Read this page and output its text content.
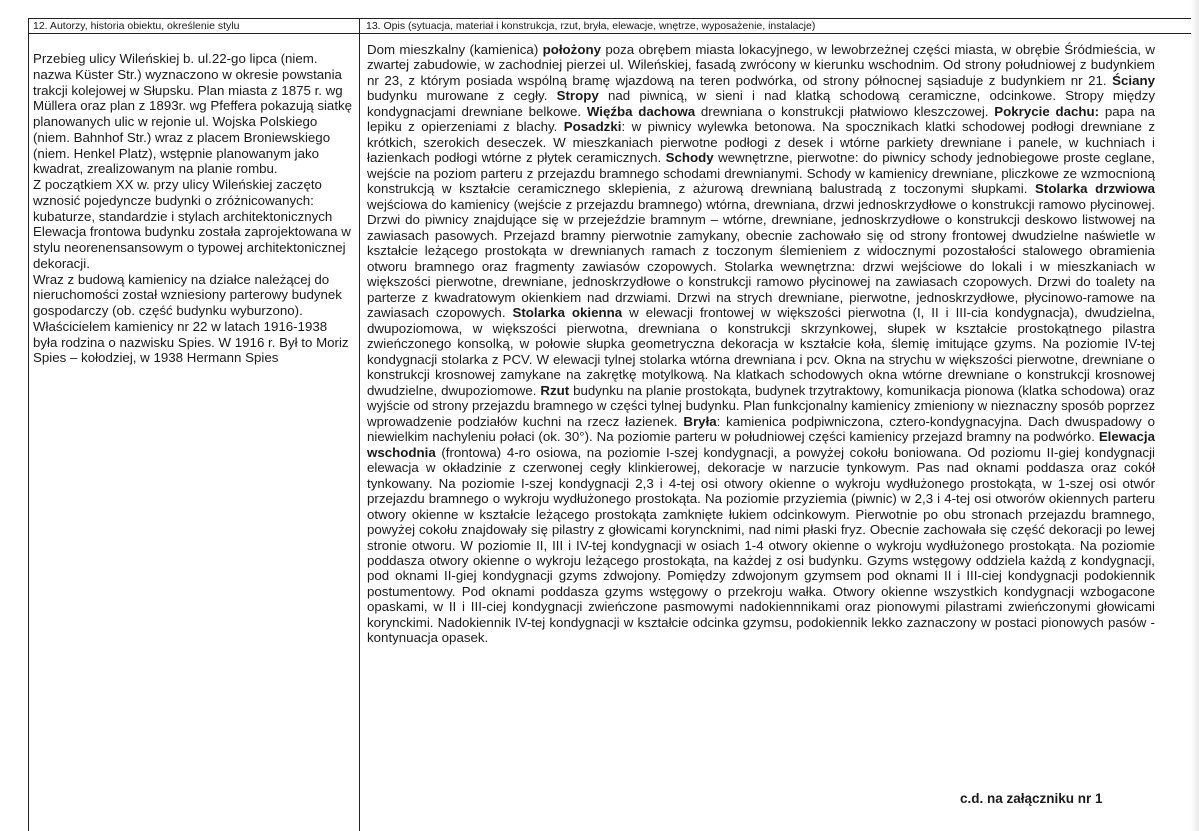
12. Autorzy, historia obiektu, określenie stylu	13. Opis (sytuacja, materiał i konstrukcja, rzut, bryła, elewacje, wnętrze, wyposażenie, instalacje)

Przebieg ulicy Wileńskiej b. ul.22-go lipca (niem. nazwa Küster Str.) wyznaczono w okresie powstania trakcji kolejowej w Słupsku. Plan miasta z 1875 r. wg Müllera oraz plan z 1893r. wg Pfeffera pokazują siatkę planowanych ulic w rejonie ul. Wojska Polskiego (niem. Bahnhof Str.) wraz z placem Broniewskiego (niem. Henkel Platz), wstępnie planowanym jako kwadrat, zrealizowanym na planie rombu.

Z początkiem XX w. przy ulicy Wileńskiej zaczęto wznosić pojedyncze budynki o zróżnicowanych: kubaturze, standardzie i stylach architektonicznych Elewacja frontowa budynku została zaprojektowana w stylu neorenensansowym o typowej architektonicznej dekoracji.

Wraz z budową kamienicy na działce należącej do nieruchomości został wzniesiony parterowy budynek gospodarczy (ob. część budynku wyburzono).

Właścicielem kamienicy nr 22 w latach 1916-1938 była rodzina o nazwisku Spies. W 1916 r. Był to Moriz Spies – kołodziej, w 1938 Hermann Spies

Dom mieszkalny (kamienica) położony poza obrębem miasta lokacyjnego, w lewobrzeżnej części miasta, w obrębie Śródmieścia, w zwartej zabudowie, w zachodniej pierzei ul. Wileńskiej, fasadą zwrócony w kierunku wschodnim. Od strony południowej z budynkiem nr 23, z którym posiada wspólną bramę wjazdową na teren podwórka, od strony północnej sąsiaduje z budynkiem nr 21. Ściany budynku murowane z cegły. Stropy nad piwnicą, w sieni i nad klatką schodową ceramiczne, odcinkowe. Stropy między kondygnacjami drewniane belkowe. Więźba dachowa drewniana o konstrukcji płatwiowo kleszczowej. Pokrycie dachu: papa na lepiku z opierzeniami z blachy. Posadzki: w piwnicy wylewka betonowa. Na spocznikach klatki schodowej podłogi drewniane z krótkich, szerokich deseczek. W mieszkaniach pierwotne podłogi z desek i wtórne parkiety drewniane i panele, w kuchniach i łazienkach podłogi wtórne z płytek ceramicznych. Schody wewnętrzne, pierwotne: do piwnicy schody jednobiegowe proste ceglane, wejście na poziom parteru z przejazdu bramnego schodami drewnianymi. Schody w kamienicy drewniane, pliczkowe ze wzmocnioną konstrukcją w kształcie ceramicznego sklepienia, z ażurową drewnianą balustradą z toczonymi słupkami. Stolarka drzwiowa wejściowa do kamienicy (wejście z przejazdu bramnego) wtórna, drewniana, drzwi jednoskrzydłowe o konstrukcji ramowo płycinowej. Drzwi do piwnicy znajdujące się w przejeździe bramnym – wtórne, drewniane, jednoskrzydłowe o konstrukcji deskowo listwowej na zawiasach pasowych. Przejazd bramny pierwotnie zamykany, obecnie zachowało się od strony frontowej dwudzielne naświetle w kształcie leżącego prostokąta w drewnianych ramach z toczonym ślemieniem z widocznymi pozostałości stalowego obramienia otworu bramnego oraz fragmenty zawiasów czopowych. Stolarka wewnętrzna: drzwi wejściowe do lokali i w mieszkaniach w większości pierwotne, drewniane, jednoskrzydłowe o konstrukcji ramowo płycinowej na zawiasach czopowych. Drzwi do toalety na parterze z kwadratowym okienkiem nad drzwiami. Drzwi na strych drewniane, pierwotne, jednoskrzydłowe, płycinowo-ramowe na zawiasach czopowych. Stolarka okienna w elewacji frontowej w większości pierwotna (I, II i III-cia kondygnacja), dwudzielna, dwupoziomowa, w większości pierwotna, drewniana o konstrukcji skrzynkowej, słupek w kształcie prostokątnego pilastra zwieńczonego konsolką, w połowie słupka geometryczna dekoracja w kształcie koła, ślemię imitujące gzyms. Na poziomie IV-tej kondygnacji stolarka z PCV. W elewacji tylnej stolarka wtórna drewniana i pcv. Okna na strychu w większości pierwotne, drewniane o konstrukcji krosnowej zamykane na zakrętkę motylkową. Na klatkach schodowych okna wtórne drewniane o konstrukcji krosnowej dwudzielne, dwupoziomowe. Rzut budynku na planie prostokąta, budynek trzytraktowy, komunikacja pionowa (klatka schodowa) oraz wyjście od strony przejazdu bramnego w części tylnej budynku. Plan funkcjonalny kamienicy zmieniony w nieznaczny sposób poprzez wprowadzenie podziałów kuchni na rzecz łazienek. Bryła: kamienica podpiwniczona, cztero-kondygnacyjna. Dach dwuspadowy o niewielkim nachyleniu połaci (ok. 30°). Na poziomie parteru w południowej części kamienicy przejazd bramny na podwórko. Elewacja wschodnia (frontowa) 4-ro osiowa, na poziomie I-szej kondygnacji, a powyżej cokołu boniowana. Od poziomu II-giej kondygnacji elewacja w okładzinie z czerwonej cegły klinkierowej, dekoracje w narzucie tynkowym. Pas nad oknami poddasza oraz cokół tynkowany. Na poziomie I-szej kondygnacji 2,3 i 4-tej osi otwory okienne o wykroju wydłużonego prostokąta, w 1-szej osi otwór przejazdu bramnego o wykroju wydłużonego prostokąta. Na poziomie przyziemia (piwnic) w 2,3 i 4-tej osi otworów okiennych parteru otwory okienne w kształcie leżącego prostokąta zamknięte łukiem odcinkowym. Pierwotnie po obu stronach przejazdu bramnego, powyżej cokołu znajdowały się pilastry z głowicami koryncknimi, nad nimi płaski fryz. Obecnie zachowała się część dekoracji po lewej stronie otworu. W poziomie II, III i IV-tej kondygnacji w osiach 1-4 otwory okienne o wykroju wydłużonego prostokąta. Na poziomie poddasza otwory okienne o wykroju leżącego prostokąta, na każdej z osi budynku. Gzyms wstęgowy oddziela każdą z kondygnacji, pod oknami II-giej kondygnacji gzyms zdwojony. Pomiędzy zdwojonym gzymsem pod oknami II i III-ciej kondygnacji podokiennik postumentowy. Pod oknami poddasza gzyms wstęgowy o przekroju wałka. Otwory okienne wszystkich kondygnacji wzbogacone opaskami, w II i III-ciej kondygnacji zwieńczone pasmowymi nadokiennnikami oraz pionowymi pilastrami zwieńczonymi głowicami korynckimi. Nadokiennik IV-tej kondygnacji w kształcie odcinka gzymsu, podokiennik lekko zaznaczony w postaci pionowych pasów - kontynuacja opasek.
c.d. na załączniku nr 1
